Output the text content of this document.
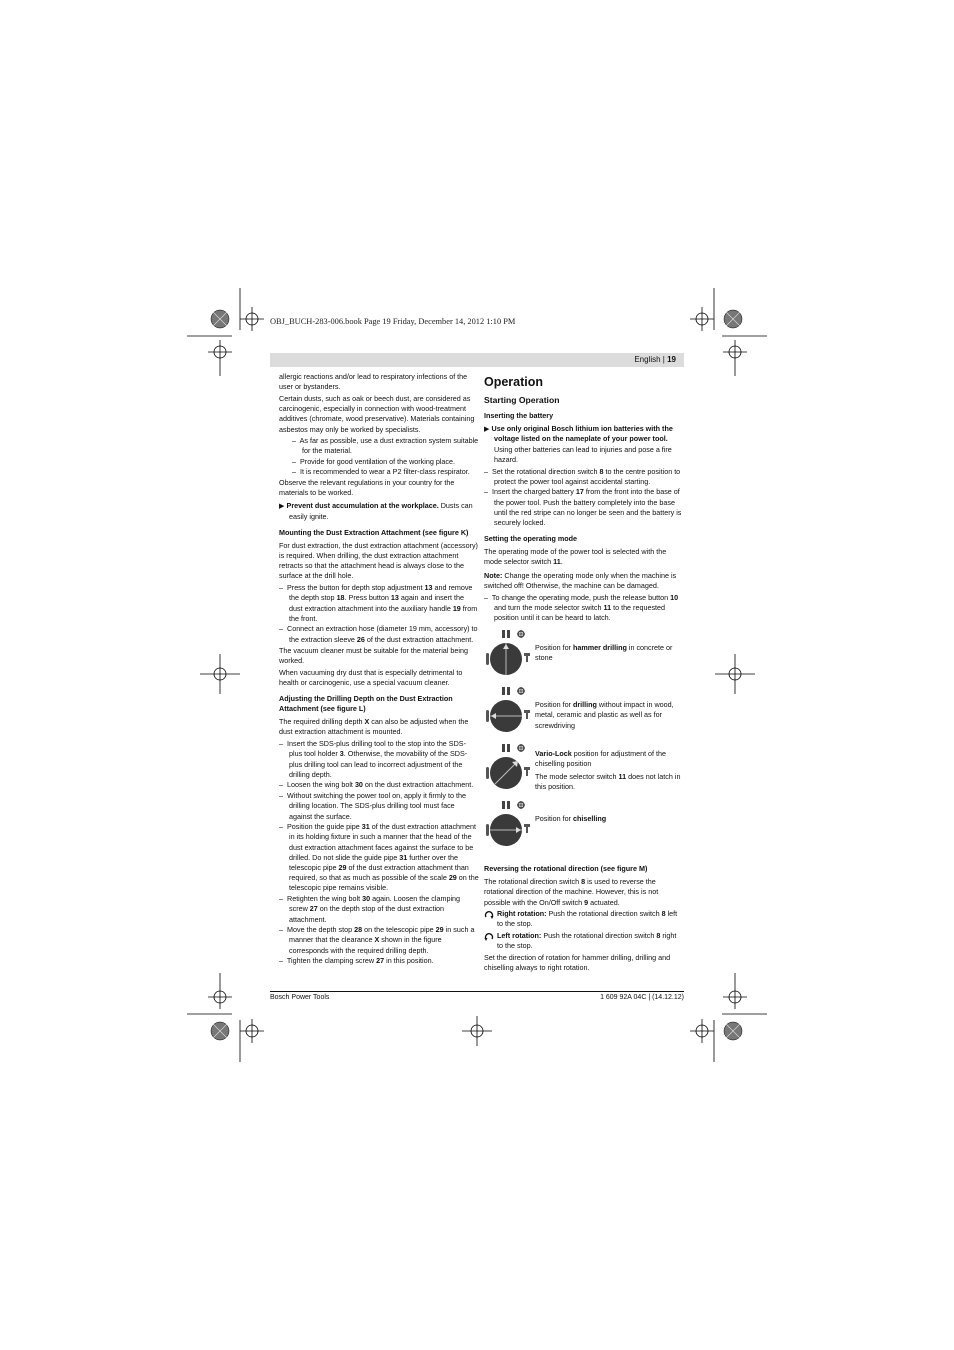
OBJ_BUCH-283-006.book Page 19 Friday, December 14, 2012 1:10 PM
English | 19

allergic reactions and/or lead to respiratory infections of the user or bystanders.

Certain dusts, such as oak or beech dust, are considered as carcinogenic, especially in connection with wood-treatment additives (chromate, wood preservative). Materials containing asbestos may only be worked by specialists.

–  As far as possible, use a dust extraction system suitable for the material.

–  Provide for good ventilation of the working place.

–  It is recommended to wear a P2 filter-class respirator.

Observe the relevant regulations in your country for the materials to be worked.

▶ Prevent dust accumulation at the workplace. Dusts can easily ignite.

Mounting the Dust Extraction Attachment (see figure K)

For dust extraction, the dust extraction attachment (accessory) is required. When drilling, the dust extraction attachment retracts so that the attachment head is always close to the surface at the drill hole.

–  Press the button for depth stop adjustment 13 and remove the depth stop 18. Press button 13 again and insert the dust extraction attachment into the auxiliary handle 19 from the front.

–  Connect an extraction hose (diameter 19 mm, accessory) to the extraction sleeve 26 of the dust extraction attachment.

The vacuum cleaner must be suitable for the material being worked.

When vacuuming dry dust that is especially detrimental to health or carcinogenic, use a special vacuum cleaner.

Adjusting the Drilling Depth on the Dust Extraction Attachment (see figure L)

The required drilling depth X can also be adjusted when the dust extraction attachment is mounted.

–  Insert the SDS-plus drilling tool to the stop into the SDS-plus tool holder 3. Otherwise, the movability of the SDS-plus drilling tool can lead to incorrect adjustment of the drilling depth.

–  Loosen the wing bolt 30 on the dust extraction attachment.

–  Without switching the power tool on, apply it firmly to the drilling location. The SDS-plus drilling tool must face against the surface.

–  Position the guide pipe 31 of the dust extraction attachment in its holding fixture in such a manner that the head of the dust extraction attachment faces against the surface to be drilled. Do not slide the guide pipe 31 further over the telescopic pipe 29 of the dust extraction attachment than required, so that as much as possible of the scale 29 on the telescopic pipe remains visible.

–  Retighten the wing bolt 30 again. Loosen the clamping screw 27 on the depth stop of the dust extraction attachment.

–  Move the depth stop 28 on the telescopic pipe 29 in such a manner that the clearance X shown in the figure corresponds with the required drilling depth.

–  Tighten the clamping screw 27 in this position.

Operation
Starting Operation
Inserting the battery

▶ Use only original Bosch lithium ion batteries with the voltage listed on the nameplate of your power tool. Using other batteries can lead to injuries and pose a fire hazard.

–  Set the rotational direction switch 8 to the centre position to protect the power tool against accidental starting.

–  Insert the charged battery 17 from the front into the base of the power tool. Push the battery completely into the base until the red stripe can no longer be seen and the battery is securely locked.

Setting the operating mode

The operating mode of the power tool is selected with the mode selector switch 11.

Note: Change the operating mode only when the machine is switched off! Otherwise, the machine can be damaged.

–  To change the operating mode, push the release button 10 and turn the mode selector switch 11 to the requested position until it can be heard to latch.

Position for hammer drilling in concrete or stone

Position for drilling without impact in wood, metal, ceramic and plastic as well as for screwdriving

Vario-Lock position for adjustment of the chiselling position

The mode selector switch 11 does not latch in this position.

Position for chiselling

Reversing the rotational direction (see figure M)

The rotational direction switch 8 is used to reverse the rotational direction of the machine. However, this is not possible with the On/Off switch 9 actuated.

Right rotation: Push the rotational direction switch 8 left to the stop.

Left rotation: Push the rotational direction switch 8 right to the stop.

Set the direction of rotation for hammer drilling, drilling and chiselling always to right rotation.

Bosch Power Tools	1 609 92A 04C | (14.12.12)
